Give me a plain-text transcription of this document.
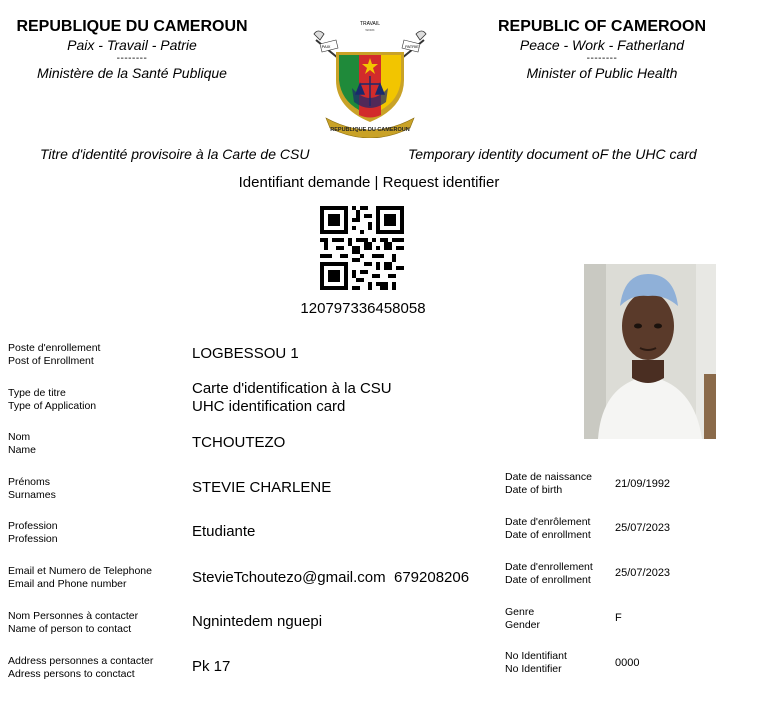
REPUBLIQUE DU CAMEROUN
Paix - Travail - Patrie
--------
Ministère de la Santé Publique
REPUBLIC OF CAMEROON
Peace - Work - Fatherland
--------
Minister of Public Health
TRAVAIL
WORK
PAIX	PATRIE
REPUBLIQUE DU CAMEROUN
Titre d'identité provisoire à la Carte de CSU	Temporary identity document oF the UHC card
Identifiant demande | Request identifier
120797336458058
Poste d'enrollement
Post of Enrollment	LOGBESSOU 1
Type de titre
Type of Application
Carte d'identification à la CSU
UHC identification card
Nom
Name	TCHOUTEZO
Prénoms
Surnames	STEVIE CHARLENE
Profession
Profession	Etudiante
Email et Numero de Telephone
Email and Phone number	StevieTchoutezo@gmail.com  679208206
Nom Personnes à contacter
Name of person to contact	Ngnintedem nguepi
Address personnes a contacter
Adress persons to conctact	Pk 17
Date de naissance
Date of birth
21/09/1992
Date d'enrôlement
Date of enrollment
25/07/2023
Date d'enrollement
Date of enrollment
25/07/2023
Genre
Gender
F
No Identifiant
No Identifier
0000
